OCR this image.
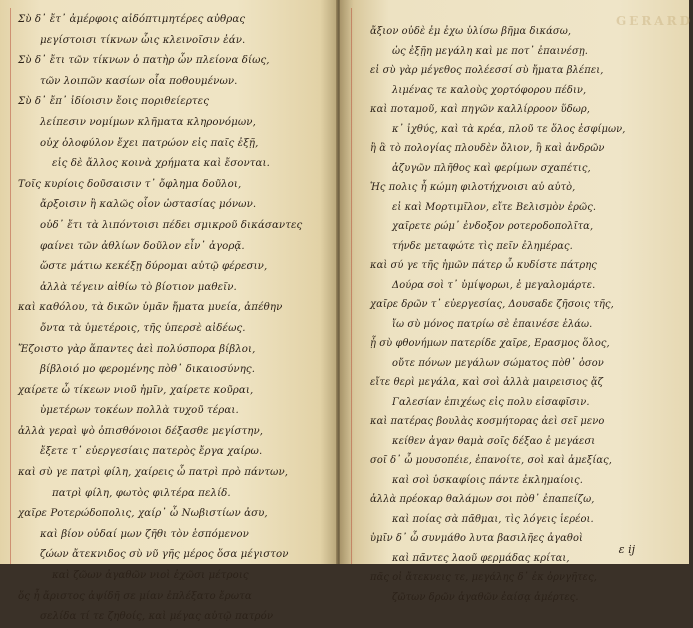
Σὺ δ᾽ ἔτ᾽ ἀμέρφοις αἰδόπτιμητέρες αὐθρας
μεγίστοισι τίκνων ὧις κλεινοῖσιν ἐάν.
Σὺ δ᾽ ἔτι τῶν τίκνων ὁ πατὴρ ὧν πλείονα δίως,
τῶν λοιπῶν κασίων οἷα ποθουμένων.
Σὺ δ᾽ ἔπ᾽ ἰδίοισιν ἔοις ποριθείερτες
λείπεσιν νομίμων κλῆματα κληρονόμων,
οὐχ ὁλοφύλον ἔχει πατρώον εἰς παῖς ἐξῇ,
εἰς δὲ ἄλλος κοινὰ χρήματα καὶ ἔσονται.
Τοῖς κυρίοις δοῦσαισιν τ᾽ ὄφλημα δοῦλοι,
ἄρξοισιν ἢ καλῶς οἷον ὡστασίας μόνων.
οὐδ᾽ ἔτι τὰ λιπόντοισι πέδει σμικροῦ δικάσαντες
φαίνει τῶν ἀθλίων δοῦλον εἶν᾽ ἀγορᾷ.
ὥστε μάτιω κεκέξῃ δύρομαι αὐτῷ φέρεσιν,
ἀλλὰ τέγειν αἰθίω τὸ βίοτιον μαθεῖν.
καὶ καθόλου, τὰ δικῶν ὑμᾶν ἤματα μυεία, ἀπέθην
ὄντα τὰ ὑμετέροις, τῆς ὑπερσὲ αἰδέως.
Ἔζοιστο γὰρ ἅπαντες ἀεὶ πολύσπορα βίβλοι,
βίβλοιό μο φερομένης πὸθ᾽ δικαιοσύνης.
χαίρετε ὦ τίκεων νιοῦ ἡμῖν, χαίρετε κοῦραι,
ὑμετέρων τοκέων πολλὰ τυχοῦ τέραι.
ἀλλὰ γεραὶ ψὸ ὀπισθόνοιοι δέξασθε μεγίστην,
ἔξετε τ᾽ εὐεργεσίαις πατερὸς ἔργα χαίρω.
καὶ σὺ γε πατρὶ φίλη, χαίρεις ὦ πατρὶ πρὸ πάντων,
πατρὶ φίλη, φωτὸς φιλτέρα πελίδ.
χαῖρε Ροτερώδοπολις, χαίρ᾽ ὦ Νωβιστίων ἀσυ,
καὶ βίον οὐδαί μων ζῆθι τὸν ἑσπόμενον
ζώων ἄτεκνιδος σὺ νῦ γῆς μέρος ὅσα μέγιστον
καὶ ζῶων ἀγαθῶν νιοὶ ἐχῶσι μέτροις
ὅς ἦ ἄριστος ἀψίδῆ σε μίαν ἐπλέξατο ἔρωτα
σελίδα τί τε ζηθοίς, καὶ μέγας αὐτῷ πατρόν
GERARD
ἄξιον οὐδὲ ἐμ ἐχω ὑλίσω βῆμα δικάσω,
ὡς ἐξῇη μεγάλη καὶ με ποτ᾽ ἐπαινέσῃ.
εἰ σὺ γὰρ μέγεθος πολέεσσί σὺ ἤματα βλέπει,
λιμένας τε καλοὺς χορτόφορου πέδιν,
καὶ ποταμοῦ, καὶ πηγῶν καλλίρροον ὕδωρ,
κ᾽ ἰχθύς, καὶ τὰ κρέα, πλοῦ τε ὅλος ἐσφίμων,
ἢ ἃ τὸ πολογίας πλουδὲν ὄλιον, ἢ καὶ ἀνδρῶν
ἀζυγῶν πλῆθος καὶ φερίμων σχαπέτις,
Ἡς πολις ἦ κώμη φιλοτήχνοισι αὐ αὐτὸ,
εἰ καὶ Μορτιμῖλον, εἴτε Βελισμὸν ἐρῶς.
χαῖρετε ρώμ᾽ ἐνδοξον ροτεροδοπολῖτα,
τήνδε μεταφώτε τὶς πεῖν ἐλημέρας.
καὶ σύ γε τῆς ἡμῶν πάτερ ὦ κυδίστε πάτρης
Δούρα σοὶ τ᾽ ὑμίψορωι, ἐ μεγαλομάρτε.
χαῖρε δρῶν τ᾽ εὐεργεσίας, Δουσαδε ζῆσοις τῆς,
ἴω σὺ μόνος πατρίω σὲ ἐπαινέσε ἑλάω.
ᾗ σὺ φθονήμων πατερίδε χαῖρε, Ερασμος ὅλος,
οὔτε πόνων μεγάλων σώματος πὸθ᾽ ὁσον
εἴτε θερὶ μεγάλα, καὶ σοὶ ἀλλὰ μαιρεισιος ᾅζ
Γαλεσίαν ἐπιχέως εἰς πολυ εἰσαφῖσιν.
καὶ πατέρας βουλὰς κοσμήτορας ἀεὶ σεῖ μενο
κείθεν ἀγαν θαμὰ σοῖς δέξαο ἐ μεγάεσι
σοῖ δ᾽ ὦ μουσοπέιε, ἐπανοίτε, σοὶ καὶ ἀμεξίας,
καὶ σοὶ ὑσκαφίοις πάντε ἐκλημαίοις.
ἀλλὰ πρέοκαρ θαλάμων σοι πὸθ᾽ ἐπαπείζω,
καὶ ποίας σὰ πᾶθμαι, τὶς λόγεις ἱερέοι.
ὑμῖν δ᾽ ὦ συνμάθο λυτα βασιλῆες ἀγαθοὶ
καὶ πᾶντες λαοῦ φερμάδας κρίται,
πᾶς οἱ ἄτεκνεις τε, μεγάλης δ᾽ ἐκ ὀρνγῆτες,
ζῶτων δρῶν ἀγαθῶν ἐαίσᾳ ἀμέρτες.
ε ij
